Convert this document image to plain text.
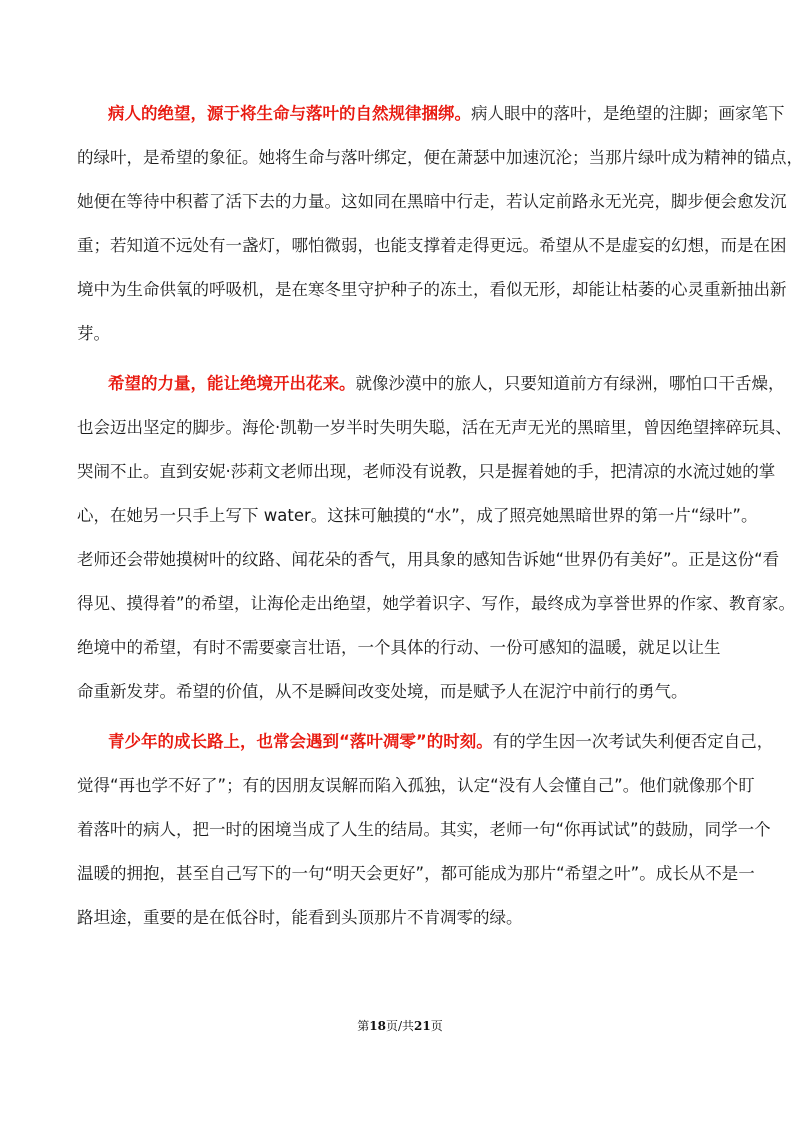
病人的绝望，源于将生命与落叶的自然规律捆绑。病人眼中的落叶，是绝望的注脚；画家笔下
的绿叶，是希望的象征。她将生命与落叶绑定，便在萧瑟中加速沉沦；当那片绿叶成为精神的锚点，
她便在等待中积蓄了活下去的力量。这如同在黑暗中行走，若认定前路永无光亮，脚步便会愈发沉
重；若知道不远处有一盏灯，哪怕微弱，也能支撑着走得更远。希望从不是虚妄的幻想，而是在困
境中为生命供氧的呼吸机，是在寒冬里守护种子的冻土，看似无形，却能让枯萎的心灵重新抽出新
芽。
希望的力量，能让绝境开出花来。就像沙漠中的旅人，只要知道前方有绿洲，哪怕口干舌燥，
也会迈出坚定的脚步。海伦·凯勒一岁半时失明失聪，活在无声无光的黑暗里，曾因绝望摔碎玩具、
哭闹不止。直到安妮·莎莉文老师出现，老师没有说教，只是握着她的手，把清凉的水流过她的掌
心，在她另一只手上写下 water。这抹可触摸的“水”，成了照亮她黑暗世界的第一片“绿叶”。
老师还会带她摸树叶的纹路、闻花朵的香气，用具象的感知告诉她“世界仍有美好”。正是这份“看
得见、摸得着”的希望，让海伦走出绝望，她学着识字、写作，最终成为享誉世界的作家、教育家。
绝境中的希望，有时不需要豪言壮语，一个具体的行动、一份可感知的温暖，就足以让生
命重新发芽。希望的价值，从不是瞬间改变处境，而是赋予人在泥泞中前行的勇气。
青少年的成长路上，也常会遇到“落叶凋零”的时刻。有的学生因一次考试失利便否定自己，
觉得“再也学不好了”；有的因朋友误解而陷入孤独，认定“没有人会懂自己”。他们就像那个盯
着落叶的病人，把一时的困境当成了人生的结局。其实，老师一句“你再试试”的鼓励，同学一个
温暖的拥抱，甚至自己写下的一句“明天会更好”，都可能成为那片“希望之叶”。成长从不是一
路坦途，重要的是在低谷时，能看到头顶那片不肯凋零的绿。
第18页/共21页
